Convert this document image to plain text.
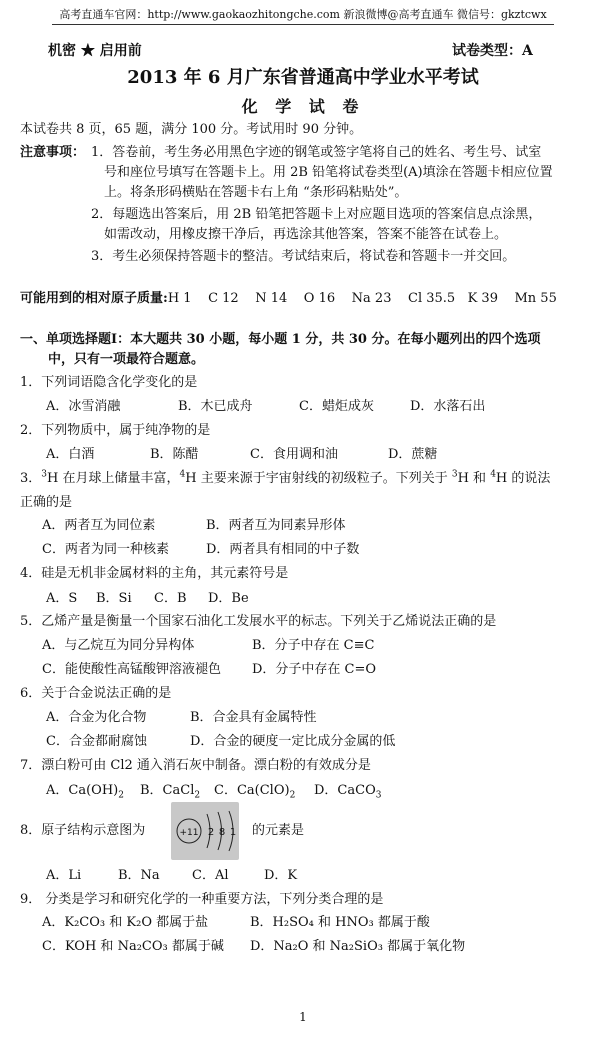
高考直通车官网：http://www.gaokaozhitongche.com 新浪微博@高考直通车 微信号：gkztcwx
机密 ★ 启用前	试卷类型：A
2013 年 6 月广东省普通高中学业水平考试
化 学 试 卷
本试卷共 8 页，65 题，满分 100 分。考试用时 90 分钟。
注意事项： 1．答卷前，考生务必用黑色字迹的钢笔或签字笔将自己的姓名、考生号、试室
号和座位号填写在答题卡上。用 2B 铅笔将试卷类型(A)填涂在答题卡相应位置
上。将条形码横贴在答题卡右上角 “条形码粘贴处”。
2．每题选出答案后，用 2B 铅笔把答题卡上对应题目选项的答案信息点涂黑，
如需改动，用橡皮擦干净后，再选涂其他答案，答案不能答在试卷上。
3．考生必须保持答题卡的整洁。考试结束后，将试卷和答题卡一并交回。
可能用到的相对原子质量:H 1    C 12    N 14    O 16    Na 23    Cl 35.5   K 39    Mn 55
一、单项选择题Ⅰ：本大题共 30 小题，每小题 1 分，共 30 分。在每小题列出的四个选项
中，只有一项最符合题意。
1．下列词语隐含化学变化的是
A．冰雪消融	B．木已成舟	C．蜡炬成灰	D．水落石出
2．下列物质中，属于纯净物的是
A．白酒	B．陈醋	C．食用调和油	D．蔗糖
3．$^3$H 在月球上储量丰富，$^4$H 主要来源于宇宙射线的初级粒子。下列关于 $^3$H 和 $^4$H 的说法
正确的是
A．两者互为同位素	B．两者互为同素异形体
C．两者为同一种核素	D．两者具有相同的中子数
4．硅是无机非金属材料的主角，其元素符号是
A．S B．Si C．B D．Be
5．乙烯产量是衡量一个国家石油化工发展水平的标志。下列关于乙烯说法正确的是
A．与乙烷互为同分异构体	B．分子中存在 C≡C
C．能使酸性高锰酸钾溶液褪色 D．分子中存在 C=O
6．关于合金说法正确的是
A．合金为化合物	B．合金具有金属特性
C．合金都耐腐蚀	D．合金的硬度一定比成分金属的低
7．漂白粉可由 Cl2 通入消石灰中制备。漂白粉的有效成分是
A．$Ca(OH)_2$ B．CaCl$_2$ C．$Ca(ClO)_2$ D．CaCO$_3$
8．原子结构示意图为	+11 2 8 1 的元素是
A．Li	B．Na C．Al	D．K
9． 分类是学习和研究化学的一种重要方法，下列分类合理的是
A．K₂CO₃ 和 K₂O 都属于盐	B．H₂SO₄ 和 HNO₃ 都属于酸
C．KOH 和 Na₂CO₃ 都属于碱 D．Na₂O 和 Na₂SiO₃ 都属于氧化物
1
